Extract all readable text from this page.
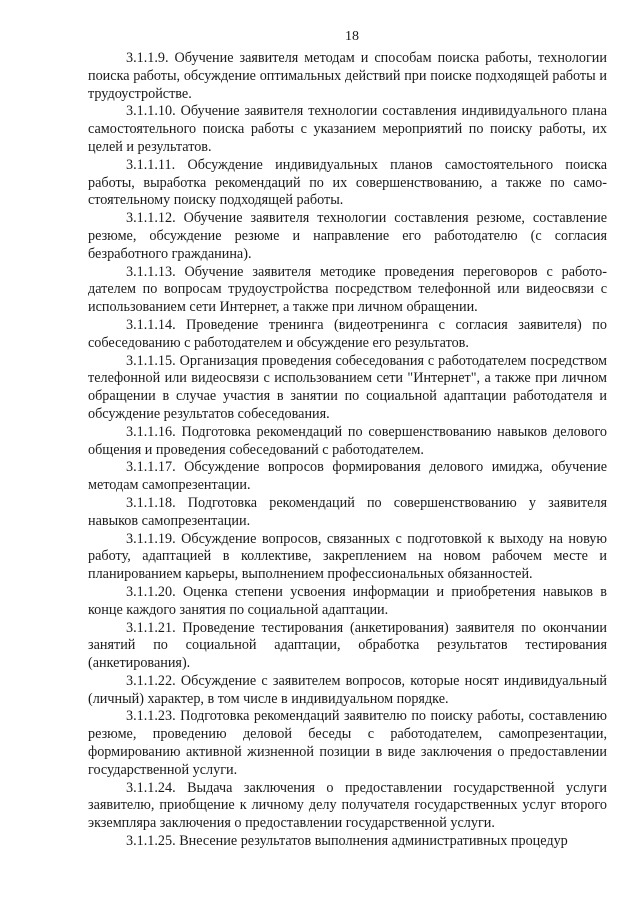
18

3.1.1.9. Обучение заявителя методам и способам поиска работы, технологии поиска работы, обсуждение оптимальных действий при поиске подходящей работы и трудоустройстве.

3.1.1.10. Обучение заявителя технологии составления индивидуального плана самостоятельного поиска работы с указанием мероприятий по поиску работы, их целей и результатов.

3.1.1.11. Обсуждение индивидуальных планов самостоятельного поиска работы, выработка рекомендаций по их совершенствованию, а также по самостоятельному поиску подходящей работы.

3.1.1.12. Обучение заявителя технологии составления резюме, составление резюме, обсуждение резюме и направление его работодателю (с согласия безработного гражданина).

3.1.1.13. Обучение заявителя методике проведения переговоров с работодателем по вопросам трудоустройства посредством телефонной или видеосвязи с использованием сети Интернет, а также при личном обращении.

3.1.1.14. Проведение тренинга (видеотренинга с согласия заявителя) по собеседованию с работодателем и обсуждение его результатов.

3.1.1.15. Организация проведения собеседования с работодателем посредством телефонной или видеосвязи с использованием сети "Интернет", а также при личном обращении в случае участия в занятии по социальной адаптации работодателя и обсуждение результатов собеседования.

3.1.1.16. Подготовка рекомендаций по совершенствованию навыков делового общения и проведения собеседований с работодателем.

3.1.1.17. Обсуждение вопросов формирования делового имиджа, обучение методам самопрезентации.

3.1.1.18. Подготовка рекомендаций по совершенствованию у заявителя навыков самопрезентации.

3.1.1.19. Обсуждение вопросов, связанных с подготовкой к выходу на новую работу, адаптацией в коллективе, закреплением на новом рабочем месте и планированием карьеры, выполнением профессиональных обязанностей.

3.1.1.20. Оценка степени усвоения информации и приобретения навыков в конце каждого занятия по социальной адаптации.

3.1.1.21. Проведение тестирования (анкетирования) заявителя по окончании занятий по социальной адаптации, обработка результатов тестирования (анкетирования).

3.1.1.22. Обсуждение с заявителем вопросов, которые носят индивидуальный (личный) характер, в том числе в индивидуальном порядке.

3.1.1.23. Подготовка рекомендаций заявителю по поиску работы, составлению резюме, проведению деловой беседы с работодателем, самопрезентации, формированию активной жизненной позиции в виде заключения о предоставлении государственной услуги.

3.1.1.24. Выдача заключения о предоставлении государственной услуги заявителю, приобщение к личному делу получателя государственных услуг второго экземпляра заключения о предоставлении государственной услуги.

3.1.1.25. Внесение результатов выполнения административных процедур
